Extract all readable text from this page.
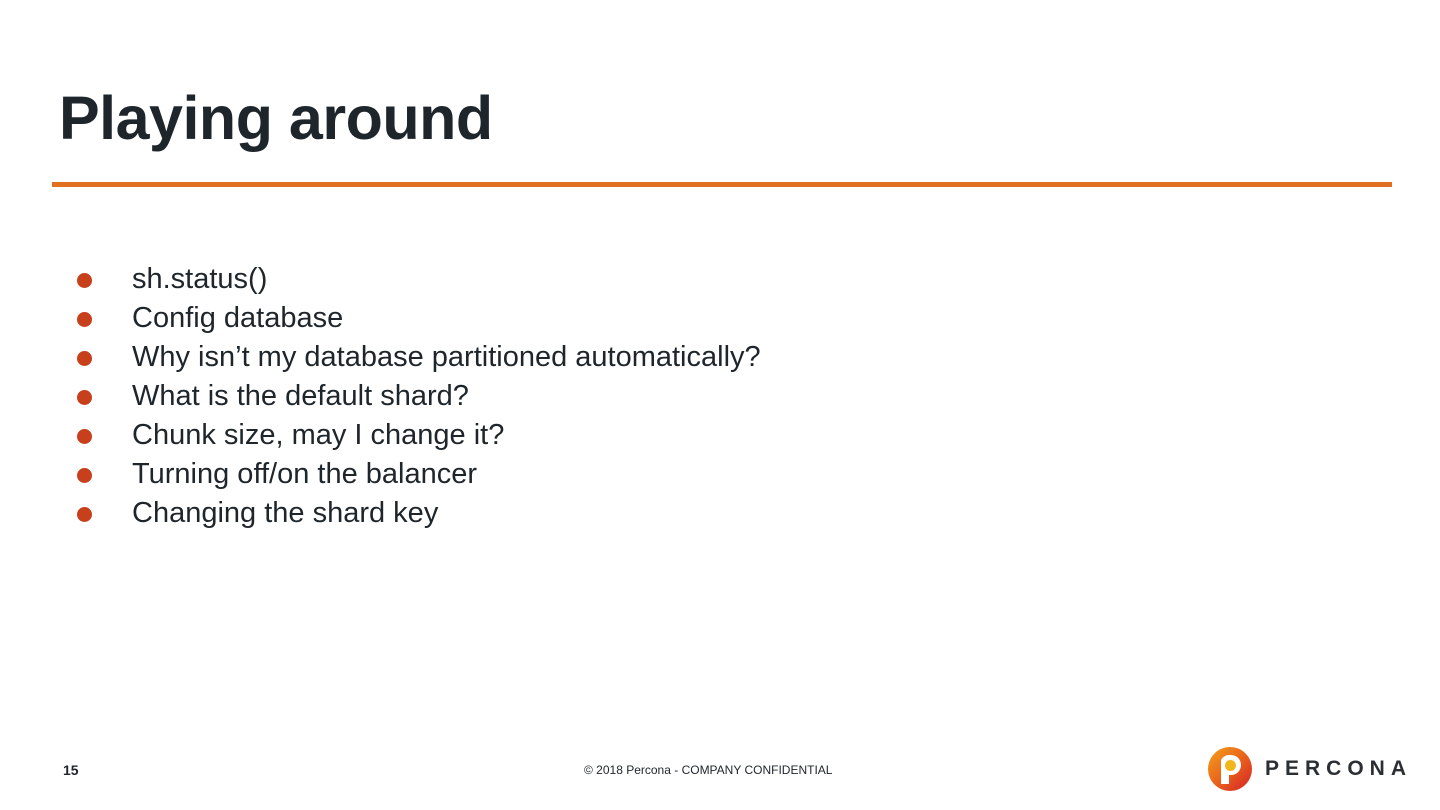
Playing around
sh.status()
Config database
Why isn’t my database partitioned automatically?
What is the default shard?
Chunk size, may I change it?
Turning off/on the balancer
Changing the shard key
15	© 2018 Percona - COMPANY CONFIDENTIAL	PERCONA
